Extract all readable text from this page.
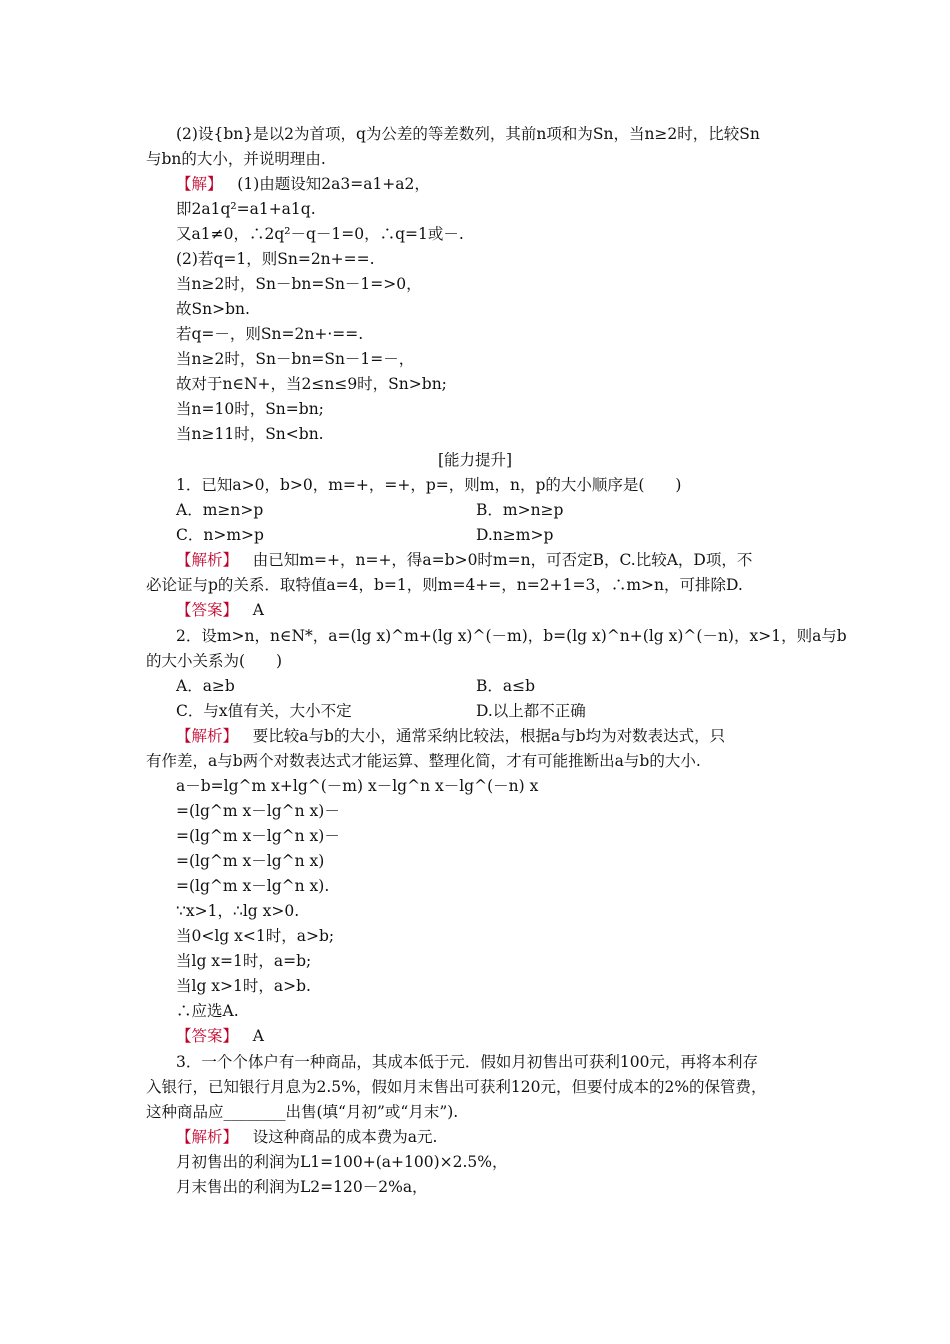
(2)设{bn}是以2为首项，q为公差的等差数列，其前n项和为Sn，当n≥2时，比较Sn
与bn的大小，并说明理由.
【解】 (1)由题设知2a3=a1+a2，
即2a1q²=a1+a1q.
又a1≠0，∴2q²－q－1=0，∴q=1或－.
(2)若q=1，则Sn=2n+==.
当n≥2时，Sn－bn=Sn－1=>0，
故Sn>bn.
若q=－，则Sn=2n+·==.
当n≥2时，Sn－bn=Sn－1=－，
故对于n∈N+，当2≤n≤9时，Sn>bn;
当n=10时，Sn=bn;
当n≥11时，Sn<bn.
[能力提升]
1．已知a>0，b>0，m=+，=+，p=，则m，n，p的大小顺序是(　　)
A．m≥n>p	B．m>n≥p
C．n>m>p	D.n≥m>p
【解析】 由已知m=+，n=+，得a=b>0时m=n，可否定B，C.比较A，D项，不
必论证与p的关系．取特值a=4，b=1，则m=4+=，n=2+1=3，∴m>n，可排除D.
【答案】 A
2．设m>n，n∈N*，a=(lg x)^m+(lg x)^(－m)，b=(lg x)^n+(lg x)^(－n)，x>1，则a与b
的大小关系为(　　)
A．a≥b	B．a≤b
C．与x值有关，大小不定	D.以上都不正确
【解析】 要比较a与b的大小，通常采纳比较法，根据a与b均为对数表达式，只
有作差，a与b两个对数表达式才能运算、整理化简，才有可能推断出a与b的大小.
a－b=lg^m x+lg^(－m) x－lg^n x－lg^(－n) x
=(lg^m x－lg^n x)－
=(lg^m x－lg^n x)－
=(lg^m x－lg^n x)
=(lg^m x－lg^n x).
∵x>1，∴lg x>0.
当0<lg x<1时，a>b;
当lg x=1时，a=b;
当lg x>1时，a>b.
∴应选A.
【答案】 A
3．一个个体户有一种商品，其成本低于元．假如月初售出可获利100元，再将本利存
入银行，已知银行月息为2.5%，假如月末售出可获利120元，但要付成本的2%的保管费，
这种商品应________出售(填“月初”或“月末”).
【解析】 设这种商品的成本费为a元.
月初售出的利润为L1=100+(a+100)×2.5%，
月末售出的利润为L2=120－2%a，
